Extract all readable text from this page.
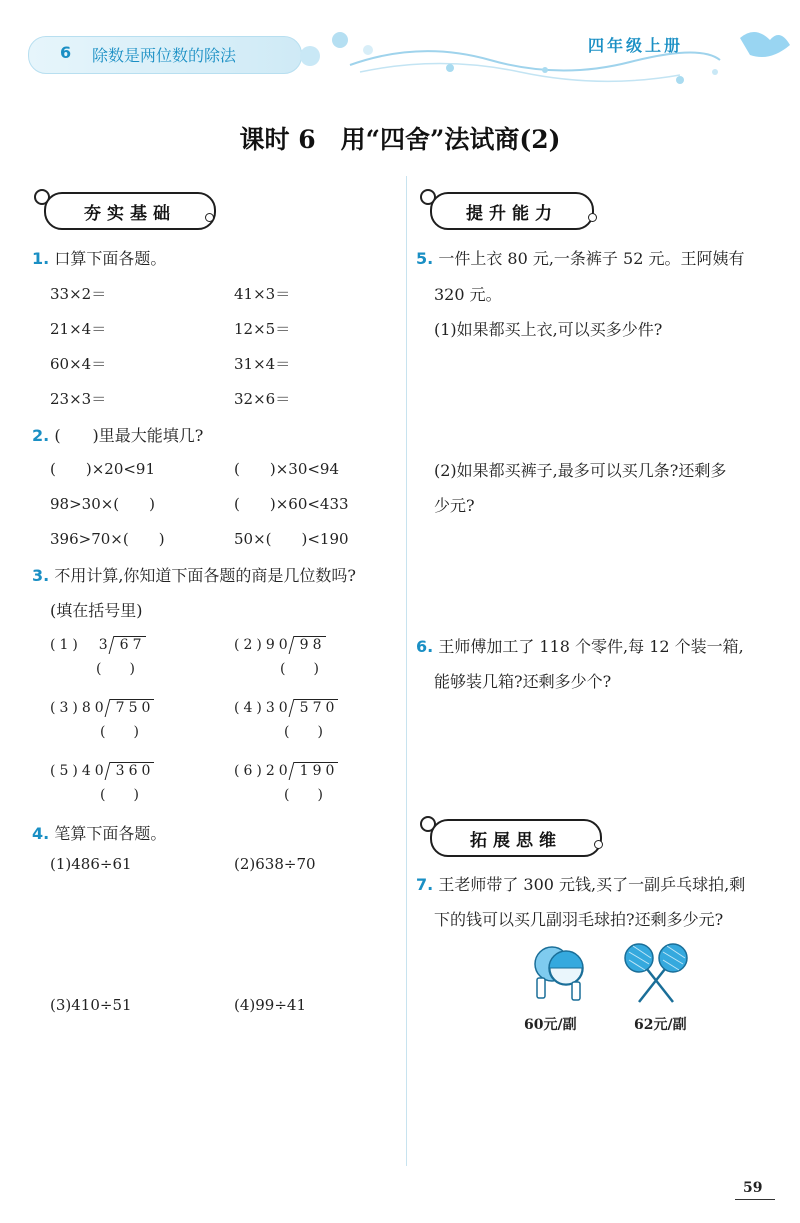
6 除数是两位数的除法
四年级上册
课时 6　用“四舍”法试商(2)
夯实基础
1. 口算下面各题。
33×2＝	41×3＝
21×4＝	12×5＝
60×4＝	31×4＝
23×3＝	32×6＝
2. (　　)里最大能填几?
(　　)×20<91	(　　)×30<94
98>30×(　　)	(　　)×60<433
396>70×(　　)	50×(　　)<190
3. 不用计算,你知道下面各题的商是几位数吗?
(填在括号里)
(1) 3 67
(　　)
(2)90 98
(　　)
(3)80 750
(　　)
(4)30 570
(　　)
(5)40 360
(　　)
(6)20 190
(　　)
4. 笔算下面各题。
(1)486÷61	(2)638÷70
(3)410÷51	(4)99÷41
提升能力
5. 一件上衣 80 元,一条裤子 52 元。王阿姨有
320 元。
(1)如果都买上衣,可以买多少件?
(2)如果都买裤子,最多可以买几条?还剩多
少元?
6. 王师傅加工了 118 个零件,每 12 个装一箱,
能够装几箱?还剩多少个?
拓展思维
7. 王老师带了 300 元钱,买了一副乒乓球拍,剩
下的钱可以买几副羽毛球拍?还剩多少元?
60元/副	62元/副
59
